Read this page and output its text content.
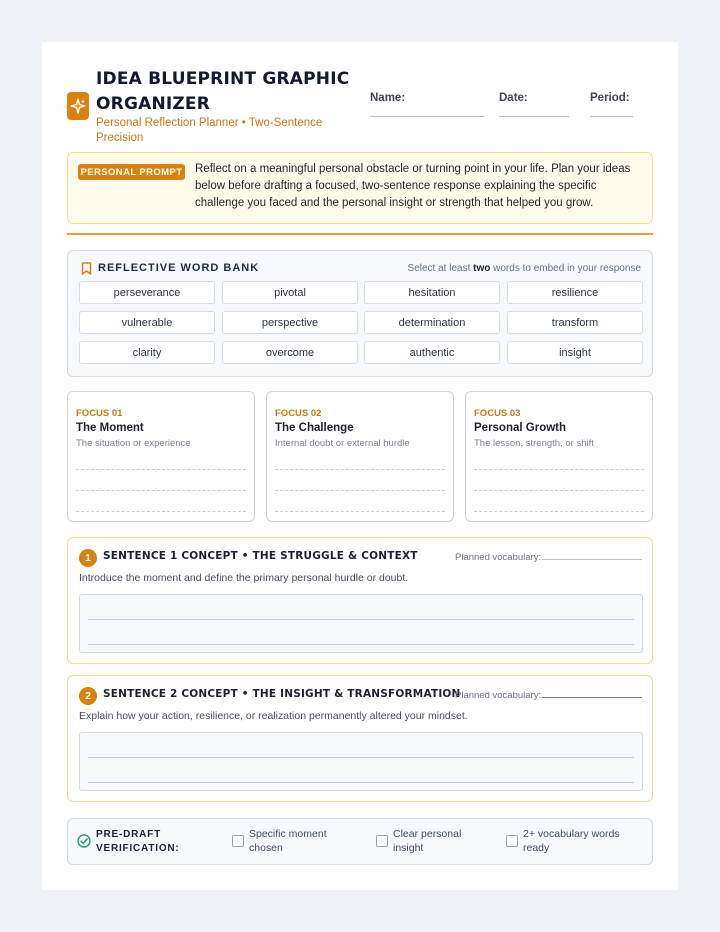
IDEA BLUEPRINT GRAPHIC ORGANIZER
Personal Reflection Planner • Two-Sentence Precision
Name:	Date:	Period:
PERSONAL PROMPT Reflect on a meaningful personal obstacle or turning point in your life. Plan your ideas below before drafting a focused, two-sentence response explaining the specific challenge you faced and the personal insight or strength that helped you grow.
REFLECTIVE WORD BANK	Select at least two words to embed in your response
perseverance	pivotal	hesitation	resilience
vulnerable	perspective	determination	transform
clarity	overcome	authentic	insight
FOCUS 01
The Moment
The situation or experience
FOCUS 02
The Challenge
Internal doubt or external hurdle
FOCUS 03
Personal Growth
The lesson, strength, or shift
1	SENTENCE 1 CONCEPT • THE STRUGGLE & CONTEXT	Planned vocabulary:
Introduce the moment and define the primary personal hurdle or doubt.
2	SENTENCE 2 CONCEPT • THE INSIGHT & TRANSFORMATION
Planned vocabulary:
Explain how your action, resilience, or realization permanently altered your mindset.
PRE-DRAFT VERIFICATION:
Specific moment chosen
Clear personal insight
2+ vocabulary words ready
